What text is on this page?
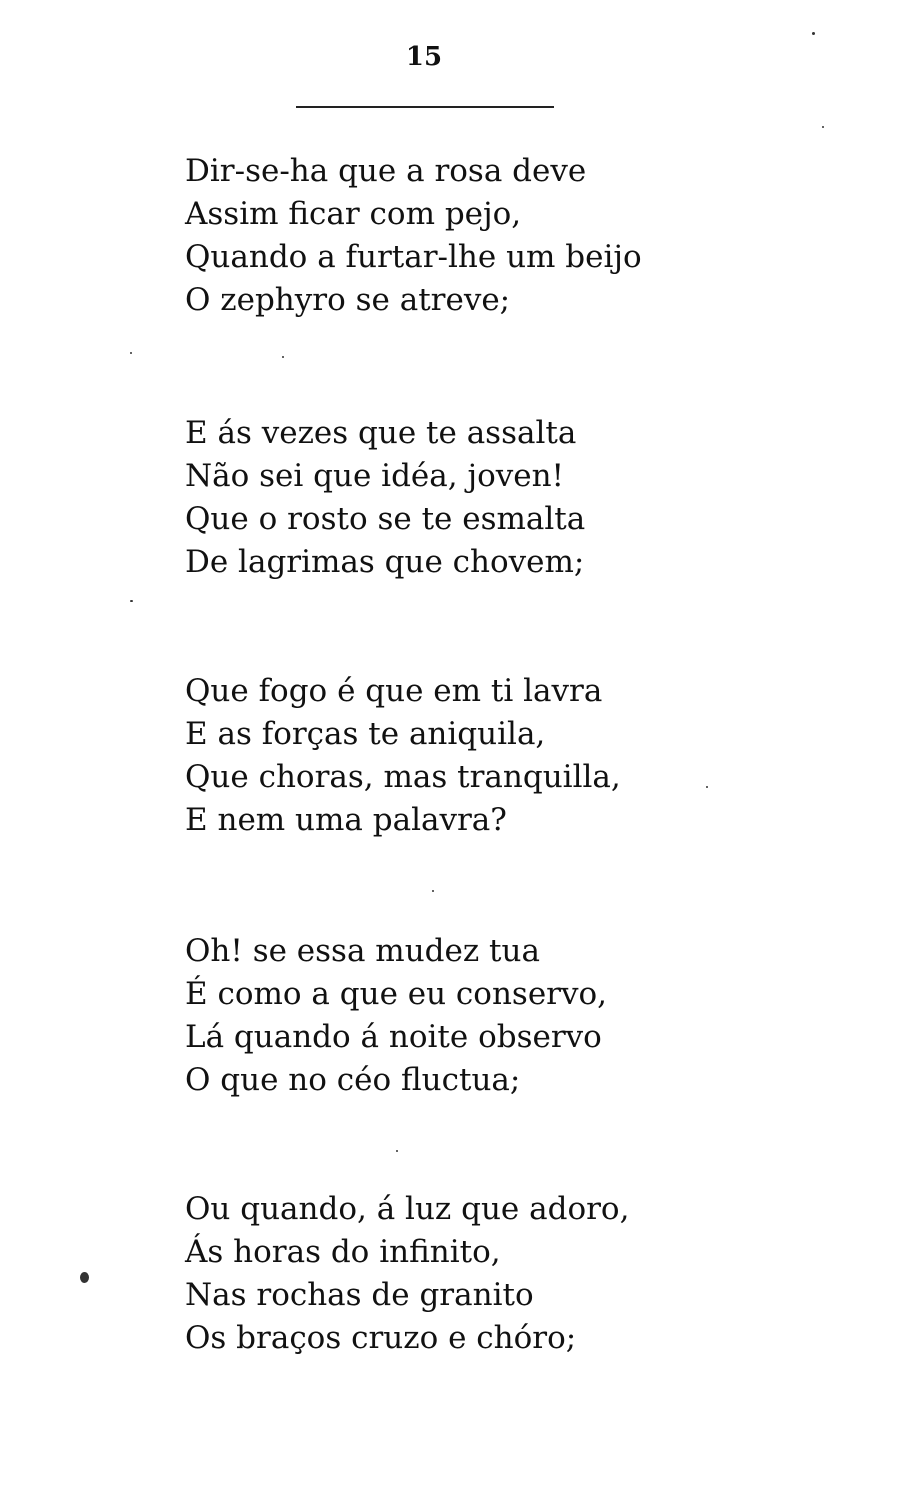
15
Dir-se-ha que a rosa deve
Assim ficar com pejo,
Quando a furtar-lhe um beijo
O zephyro se atreve;
E ás vezes que te assalta
Não sei que idéa, joven!
Que o rosto se te esmalta
De lagrimas que chovem;
Que fogo é que em ti lavra
E as forças te aniquila,
Que choras, mas tranquilla,
E nem uma palavra?
Oh! se essa mudez tua
É como a que eu conservo,
Lá quando á noite observo
O que no céo fluctua;
Ou quando, á luz que adoro,
Ás horas do infinito,
Nas rochas de granito
Os braços cruzo e chóro;
